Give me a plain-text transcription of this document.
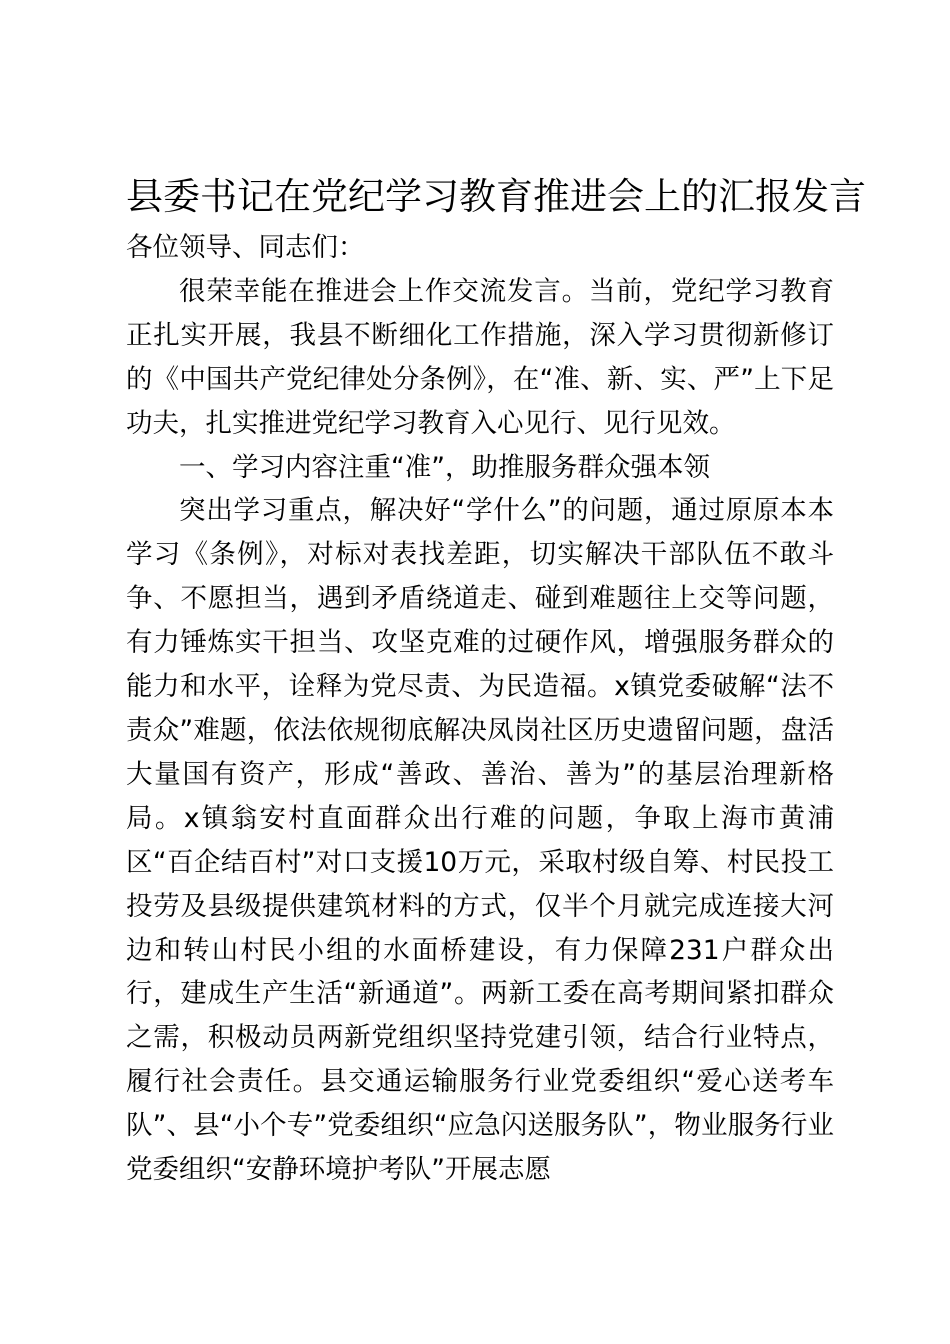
县委书记在党纪学习教育推进会上的汇报发言

各位领导、同志们：

很荣幸能在推进会上作交流发言。当前，党纪学习教育正扎实开展，我县不断细化工作措施，深入学习贯彻新修订的《中国共产党纪律处分条例》，在“准、新、实、严”上下足功夫，扎实推进党纪学习教育入心见行、见行见效。

一、学习内容注重“准”，助推服务群众强本领

突出学习重点，解决好“学什么”的问题，通过原原本本学习《条例》，对标对表找差距，切实解决干部队伍不敢斗争、不愿担当，遇到矛盾绕道走、碰到难题往上交等问题，有力锤炼实干担当、攻坚克难的过硬作风，增强服务群众的能力和水平，诠释为党尽责、为民造福。x镇党委破解“法不责众”难题，依法依规彻底解决凤岗社区历史遗留问题，盘活大量国有资产，形成“善政、善治、善为”的基层治理新格局。x镇翁安村直面群众出行难的问题，争取上海市黄浦区“百企结百村”对口支援10万元，采取村级自筹、村民投工投劳及县级提供建筑材料的方式，仅半个月就完成连接大河边和转山村民小组的水面桥建设，有力保障231户群众出行，建成生产生活“新通道”。两新工委在高考期间紧扣群众之需，积极动员两新党组织坚持党建引领，结合行业特点，履行社会责任。县交通运输服务行业党委组织“爱心送考车队”、县“小个专”党委组织“应急闪送服务队”，物业服务行业党委组织“安静环境护考队”开展志愿
